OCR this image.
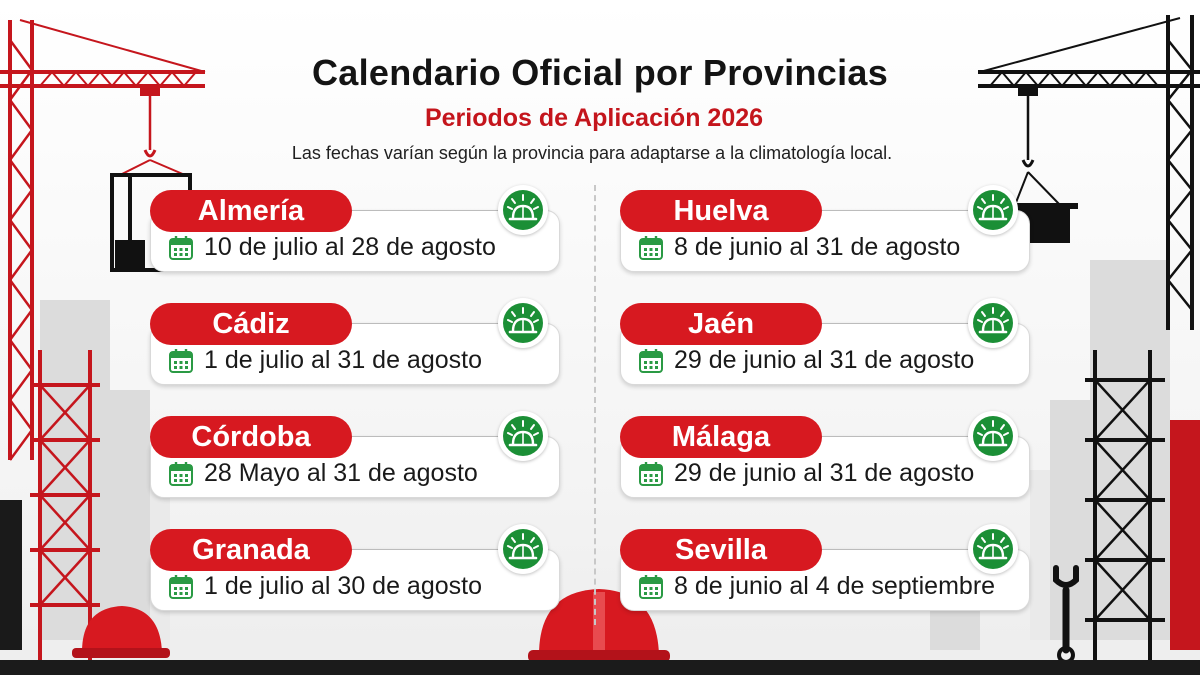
Calendario Oficial por Provincias
Periodos de Aplicación 2026

Las fechas varían según la provincia para adaptarse a la climatología local.

Almería
10 de julio al 28 de agosto
Cádiz
1 de julio al 31 de agosto
Córdoba
28 Mayo al 31 de agosto
Granada
1 de julio al 30 de agosto
Huelva
8 de junio al 31 de agosto
Jaén
29 de junio al 31 de agosto
Málaga
29 de junio al 31 de agosto
Sevilla
8 de junio al 4 de septiembre
